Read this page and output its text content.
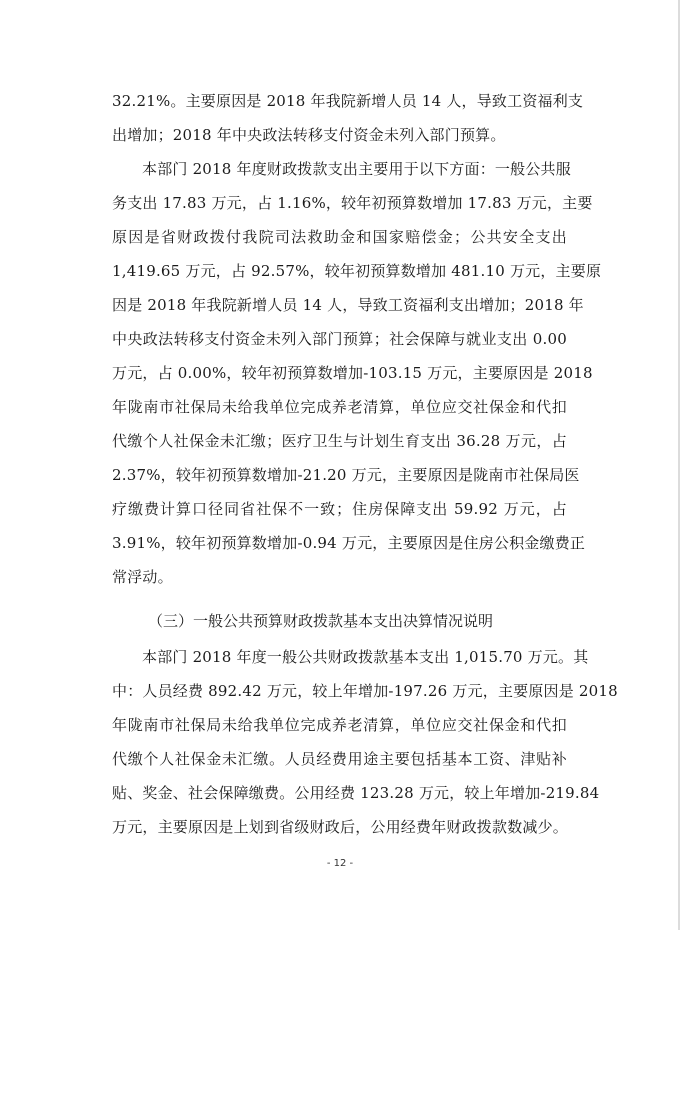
32.21%。主要原因是 2018 年我院新增人员 14 人，导致工资福利支
出增加；2018 年中央政法转移支付资金未列入部门预算。
本部门 2018 年度财政拨款支出主要用于以下方面：一般公共服
务支出 17.83 万元，占 1.16%，较年初预算数增加 17.83 万元，主要
原因是省财政拨付我院司法救助金和国家赔偿金；公共安全支出
1,419.65 万元，占 92.57%，较年初预算数增加 481.10 万元，主要原
因是 2018 年我院新增人员 14 人，导致工资福利支出增加；2018 年
中央政法转移支付资金未列入部门预算；社会保障与就业支出 0.00
万元，占 0.00%，较年初预算数增加-103.15 万元，主要原因是 2018
年陇南市社保局未给我单位完成养老清算，单位应交社保金和代扣
代缴个人社保金未汇缴；医疗卫生与计划生育支出 36.28 万元，占
2.37%，较年初预算数增加-21.20 万元，主要原因是陇南市社保局医
疗缴费计算口径同省社保不一致；住房保障支出 59.92 万元，占
3.91%，较年初预算数增加-0.94 万元，主要原因是住房公积金缴费正
常浮动。
（三）一般公共预算财政拨款基本支出决算情况说明
本部门 2018 年度一般公共财政拨款基本支出 1,015.70 万元。其
中：人员经费 892.42 万元，较上年增加-197.26 万元，主要原因是 2018
年陇南市社保局未给我单位完成养老清算，单位应交社保金和代扣
代缴个人社保金未汇缴。人员经费用途主要包括基本工资、津贴补
贴、奖金、社会保障缴费。公用经费 123.28 万元，较上年增加-219.84
万元，主要原因是上划到省级财政后，公用经费年财政拨款数减少。
- 12 -
